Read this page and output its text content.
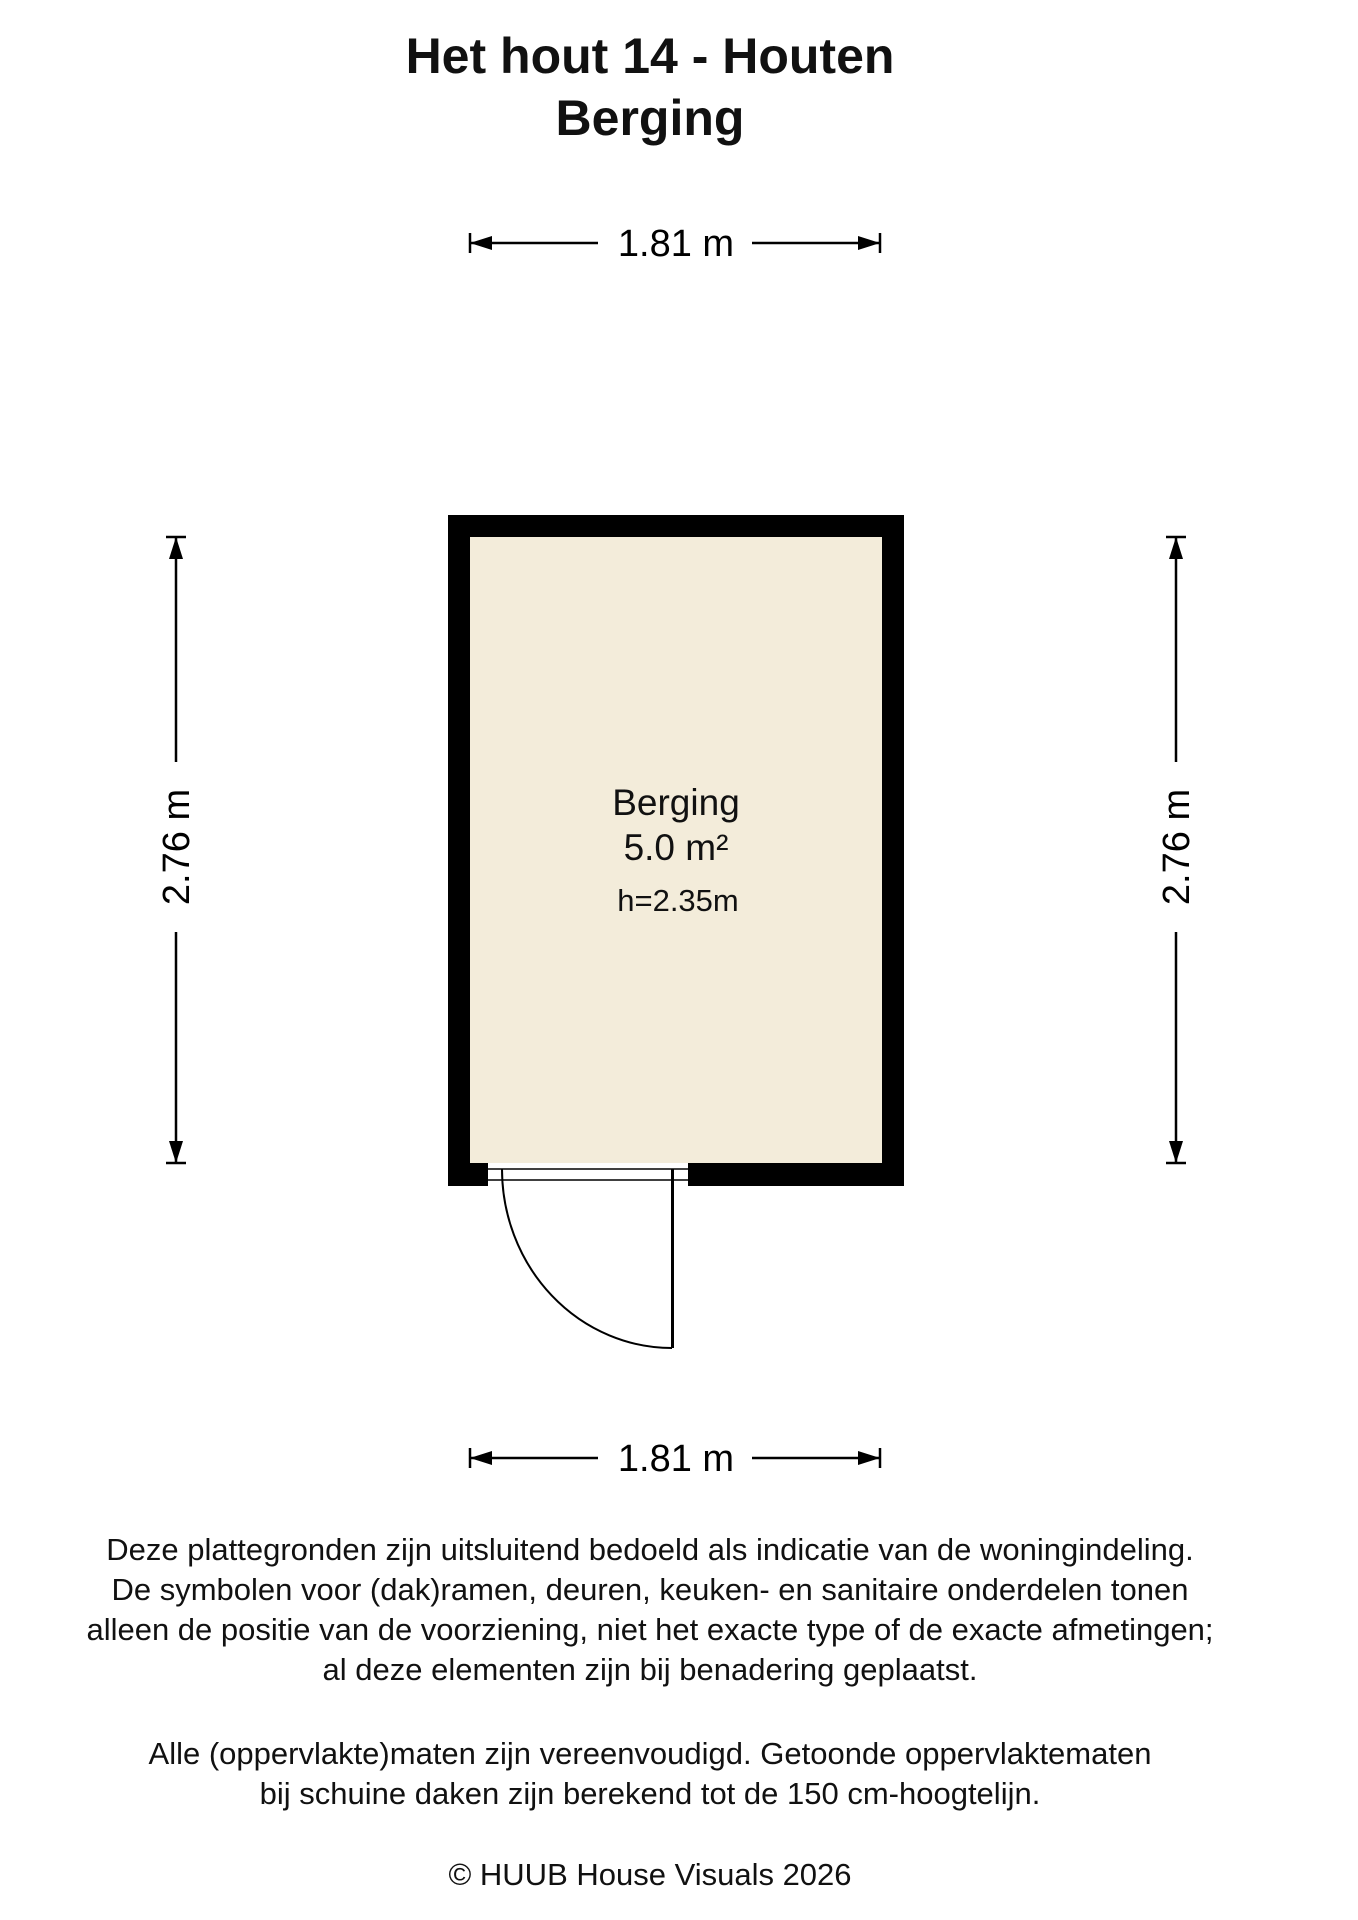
Het hout 14 - Houten
Berging
1.81 m
1.81 m
2.76 m	2.76 m
Berging
5.0 m²
h=2.35m
Deze plattegronden zijn uitsluitend bedoeld als indicatie van de woningindeling.
De symbolen voor (dak)ramen, deuren, keuken- en sanitaire onderdelen tonen
alleen de positie van de voorziening, niet het exacte type of de exacte afmetingen;
al deze elementen zijn bij benadering geplaatst.
Alle (oppervlakte)maten zijn vereenvoudigd. Getoonde oppervlaktematen
bij schuine daken zijn berekend tot de 150 cm-hoogtelijn.
© HUUB House Visuals 2026
